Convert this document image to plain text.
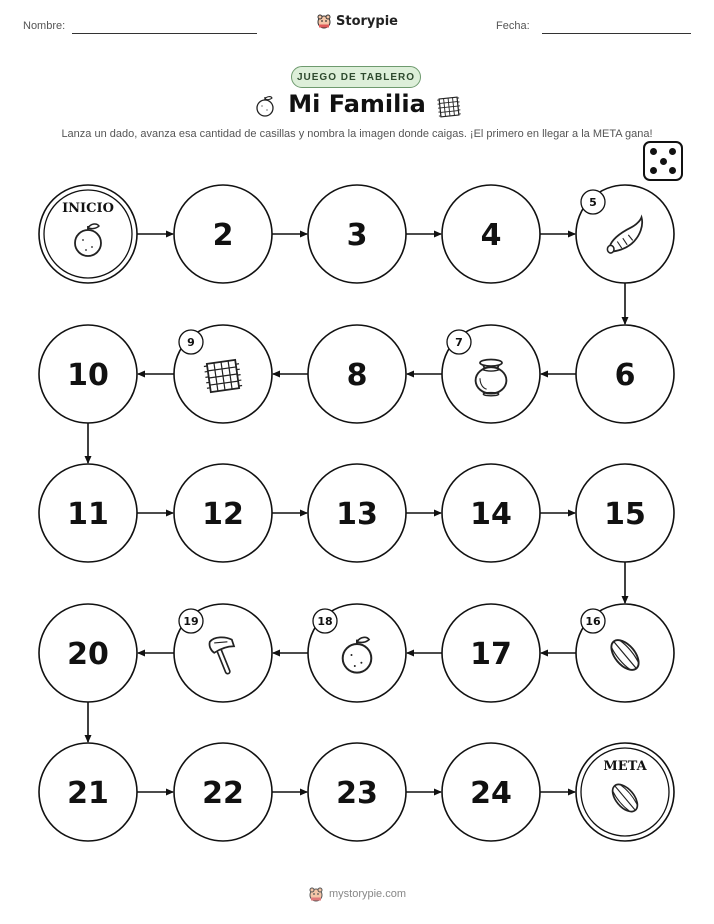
Nombre:	Fecha:
Storypie
JUEGO DE TABLERO
Mi Familia
Lanza un dado, avanza esa cantidad de casillas y nombra la imagen donde caigas. ¡El primero en llegar a la META gana!
INICIO
2	3	4
5
6
7
8
9
10
11	12	13	14	15
16
17
18
19
20
21	22	23	24
META
mystorypie.com
